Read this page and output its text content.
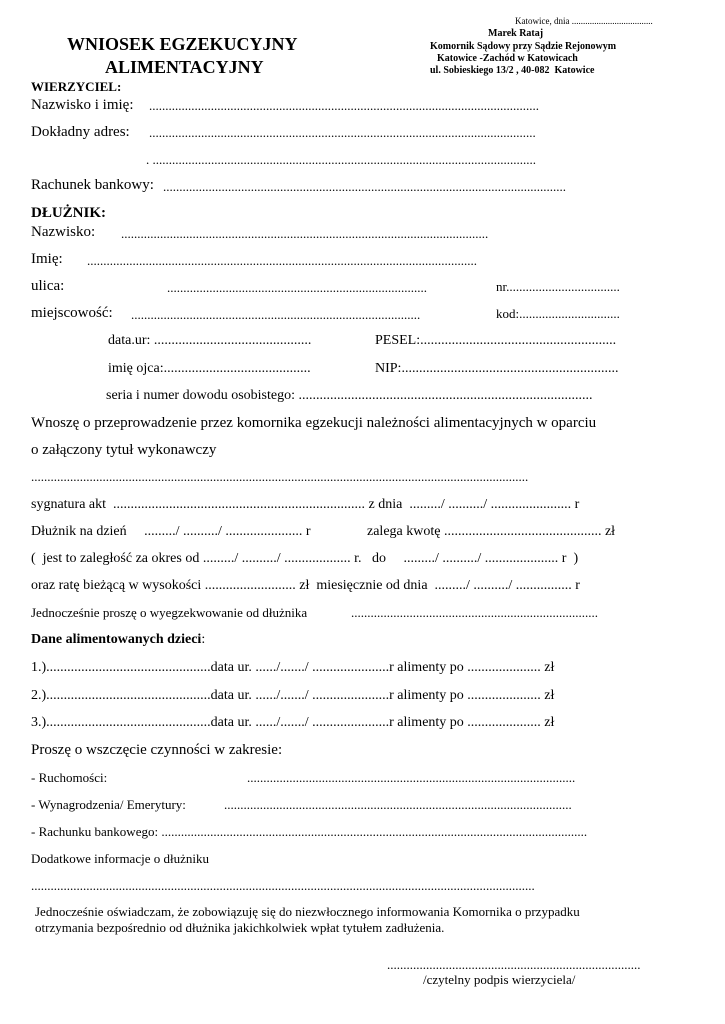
Katowice, dnia ....................................
Marek Rataj
Komornik Sądowy przy Sądzie Rejonowym
Katowice -Zachód w Katowicach
ul. Sobieskiego 13/2 , 40-082  Katowice
WNIOSEK EGZEKUCYJNY
ALIMENTACYJNY
WIERZYCIEL:
Nazwisko i imię: ........................................................................................................................
Dokładny adres: .......................................................................................................................
. ......................................................................................................................
Rachunek bankowy: ............................................................................................................................
DŁUŻNIK:
Nazwisko: .................................................................................................................
Imię: ........................................................................................................................
ulica:	................................................................................	nr...................................
miejscowość: .........................................................................................	kod:...............................
data.ur: .............................................	PESEL:........................................................
imię ojca:..........................................	NIP:..............................................................
seria i numer dowodu osobistego: ....................................................................................
Wnoszę o przeprowadzenie przez komornika egzekucji należności alimentacyjnych w oparciu
o załączony tytuł wykonawczy
.........................................................................................................................................................
sygnatura akt  ........................................................................ z dnia  ........./ ........../ ....................... r
Dłużnik na dzień     ........./ ........../ ...................... r	zalega kwotę ............................................. zł
(  jest to zaległość za okres od ........./ ........../ ................... r.   do     ........./ ........../ ..................... r  )
oraz ratę bieżącą w wysokości .......................... zł  miesięcznie od dnia  ........./ ........../ ................ r
Jednocześnie proszę o wyegzekwowanie od dłużnika	............................................................................
Dane alimentowanych dzieci:
1.)...............................................data ur. ....../......./ ......................r alimenty po ..................... zł
2.)...............................................data ur. ....../......./ ......................r alimenty po ..................... zł
3.)...............................................data ur. ....../......./ ......................r alimenty po ..................... zł
Proszę o wszczęcie czynności w zakresie:
- Ruchomości:	.....................................................................................................
- Wynagrodzenia/ Emerytury:	...........................................................................................................
- Rachunku bankowego: ...................................................................................................................................
Dodatkowe informacje o dłużniku
...........................................................................................................................................................
Jednocześnie oświadczam, że zobowiązuję się do niezwłocznego informowania Komornika o przypadku
otrzymania bezpośrednio od dłużnika jakichkolwiek wpłat tytułem zadłużenia.
..............................................................................
/czytelny podpis wierzyciela/
